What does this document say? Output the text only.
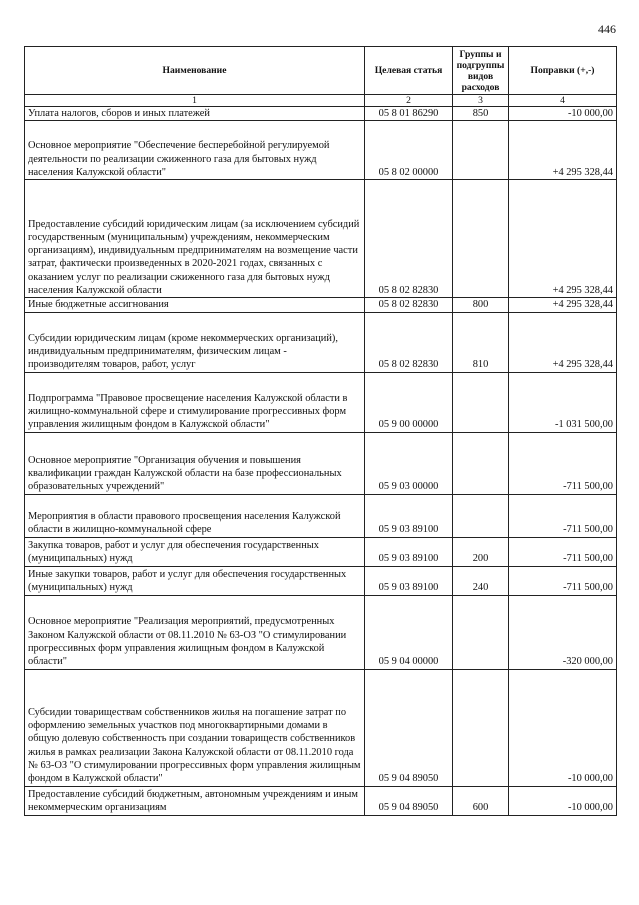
446
Наименование	Целевая статья	Группы и подгруппы видов расходов	Поправки (+,-)
1	2	3	4
Уплата налогов, сборов и иных платежей	05 8 01 86290	850	-10 000,00
Основное мероприятие "Обеспечение бесперебойной регулируемой деятельности по реализации сжиженного газа для бытовых нужд населения Калужской области"	05 8 02 00000		+4 295 328,44
Предоставление субсидий юридическим лицам (за исключением субсидий государственным (муниципальным) учреждениям, некоммерческим организациям), индивидуальным предпринимателям на возмещение части затрат, фактически произведенных в 2020-2021 годах, связанных с оказанием услуг по реализации сжиженного газа для бытовых нужд населения Калужской области	05 8 02 82830		+4 295 328,44
Иные бюджетные ассигнования	05 8 02 82830	800	+4 295 328,44
Субсидии юридическим лицам (кроме некоммерческих организаций), индивидуальным предпринимателям, физическим лицам - производителям товаров, работ, услуг	05 8 02 82830	810	+4 295 328,44
Подпрограмма "Правовое просвещение населения Калужской области в жилищно-коммунальной сфере и стимулирование прогрессивных форм управления жилищным фондом в Калужской области"	05 9 00 00000		-1 031 500,00
Основное мероприятие "Организация обучения и повышения квалификации граждан Калужской области на базе профессиональных образовательных учреждений"	05 9 03 00000		-711 500,00
Мероприятия в области правового просвещения населения Калужской области в жилищно-коммунальной сфере	05 9 03 89100		-711 500,00
Закупка товаров, работ и услуг для обеспечения государственных (муниципальных) нужд	05 9 03 89100	200	-711 500,00
Иные закупки товаров, работ и услуг для обеспечения государственных (муниципальных) нужд	05 9 03 89100	240	-711 500,00
Основное мероприятие "Реализация мероприятий, предусмотренных Законом Калужской области от 08.11.2010 № 63-ОЗ "О стимулировании прогрессивных форм управления жилищным фондом в Калужской области"	05 9 04 00000		-320 000,00
Субсидии товариществам собственников жилья на погашение затрат по оформлению земельных участков под многоквартирными домами в общую долевую собственность при создании товариществ собственников жилья в рамках реализации Закона Калужской области от 08.11.2010 года № 63-ОЗ "О стимулировании прогрессивных форм управления жилищным фондом в Калужской области"	05 9 04 89050		-10 000,00
Предоставление субсидий бюджетным, автономным учреждениям и иным некоммерческим организациям	05 9 04 89050	600	-10 000,00
